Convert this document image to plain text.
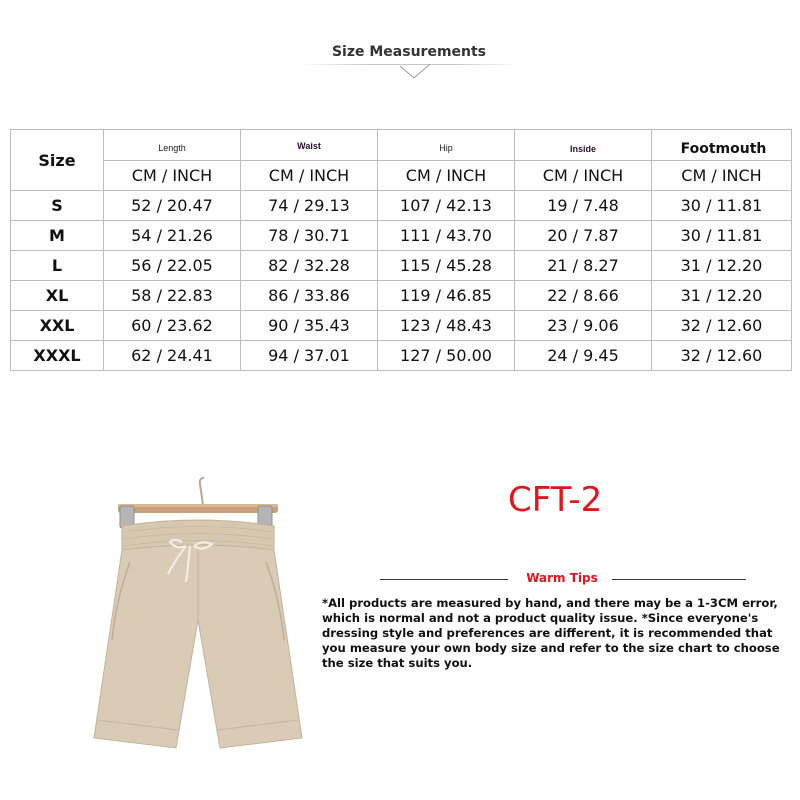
Size Measurements
Size	Length	Waist	Hip	Inside	Footmouth

	CM / INCH	CM / INCH	CM / INCH	CM / INCH	CM / INCH
S	52 / 20.47	74 / 29.13	107 / 42.13	19 / 7.48	30 / 11.81
M	54 / 21.26	78 / 30.71	111 / 43.70	20 / 7.87	30 / 11.81
L	56 / 22.05	82 / 32.28	115 / 45.28	21 / 8.27	31 / 12.20
XL	58 / 22.83	86 / 33.86	119 / 46.85	22 / 8.66	31 / 12.20
XXL	60 / 23.62	90 / 35.43	123 / 48.43	23 / 9.06	32 / 12.60
XXXL	62 / 24.41	94 / 37.01	127 / 50.00	24 / 9.45	32 / 12.60
CFT-2
Warm Tips
*All products are measured by hand, and there may be a 1-3CM error, which is normal and not a product quality issue. *Since everyone's dressing style and preferences are different, it is recommended that you measure your own body size and refer to the size chart to choose the size that suits you.
